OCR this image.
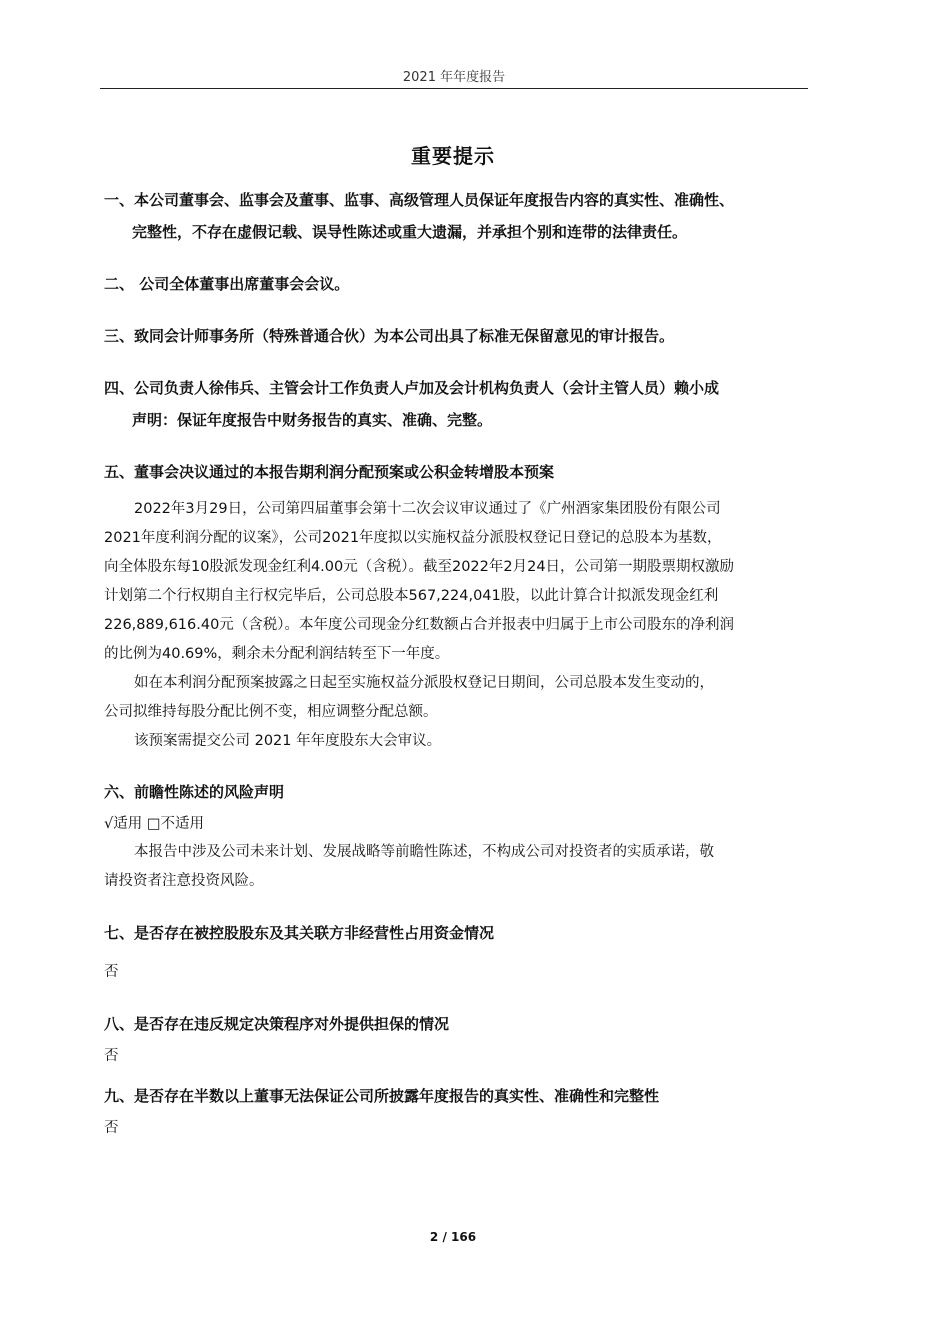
2021 年年度报告
重要提示
一、本公司董事会、监事会及董事、监事、高级管理人员保证年度报告内容的真实性、准确性、
完整性，不存在虚假记载、误导性陈述或重大遗漏，并承担个别和连带的法律责任。
二、 公司全体董事出席董事会会议。
三、致同会计师事务所（特殊普通合伙）为本公司出具了标准无保留意见的审计报告。
四、公司负责人徐伟兵、主管会计工作负责人卢加及会计机构负责人（会计主管人员）赖小成
声明：保证年度报告中财务报告的真实、准确、完整。
五、董事会决议通过的本报告期利润分配预案或公积金转增股本预案
2022年3月29日，公司第四届董事会第十二次会议审议通过了《广州酒家集团股份有限公司
2021年度利润分配的议案》，公司2021年度拟以实施权益分派股权登记日登记的总股本为基数，
向全体股东每10股派发现金红利4.00元（含税）。截至2022年2月24日，公司第一期股票期权激励
计划第二个行权期自主行权完毕后，公司总股本567,224,041股，以此计算合计拟派发现金红利
226,889,616.40元（含税）。本年度公司现金分红数额占合并报表中归属于上市公司股东的净利润
的比例为40.69%，剩余未分配利润结转至下一年度。
如在本利润分配预案披露之日起至实施权益分派股权登记日期间，公司总股本发生变动的，
公司拟维持每股分配比例不变，相应调整分配总额。
该预案需提交公司 2021 年年度股东大会审议。
六、前瞻性陈述的风险声明
√适用 □不适用
本报告中涉及公司未来计划、发展战略等前瞻性陈述，不构成公司对投资者的实质承诺，敬
请投资者注意投资风险。
七、是否存在被控股股东及其关联方非经营性占用资金情况
否
八、是否存在违反规定决策程序对外提供担保的情况
否
九、是否存在半数以上董事无法保证公司所披露年度报告的真实性、准确性和完整性
否
2 / 166
